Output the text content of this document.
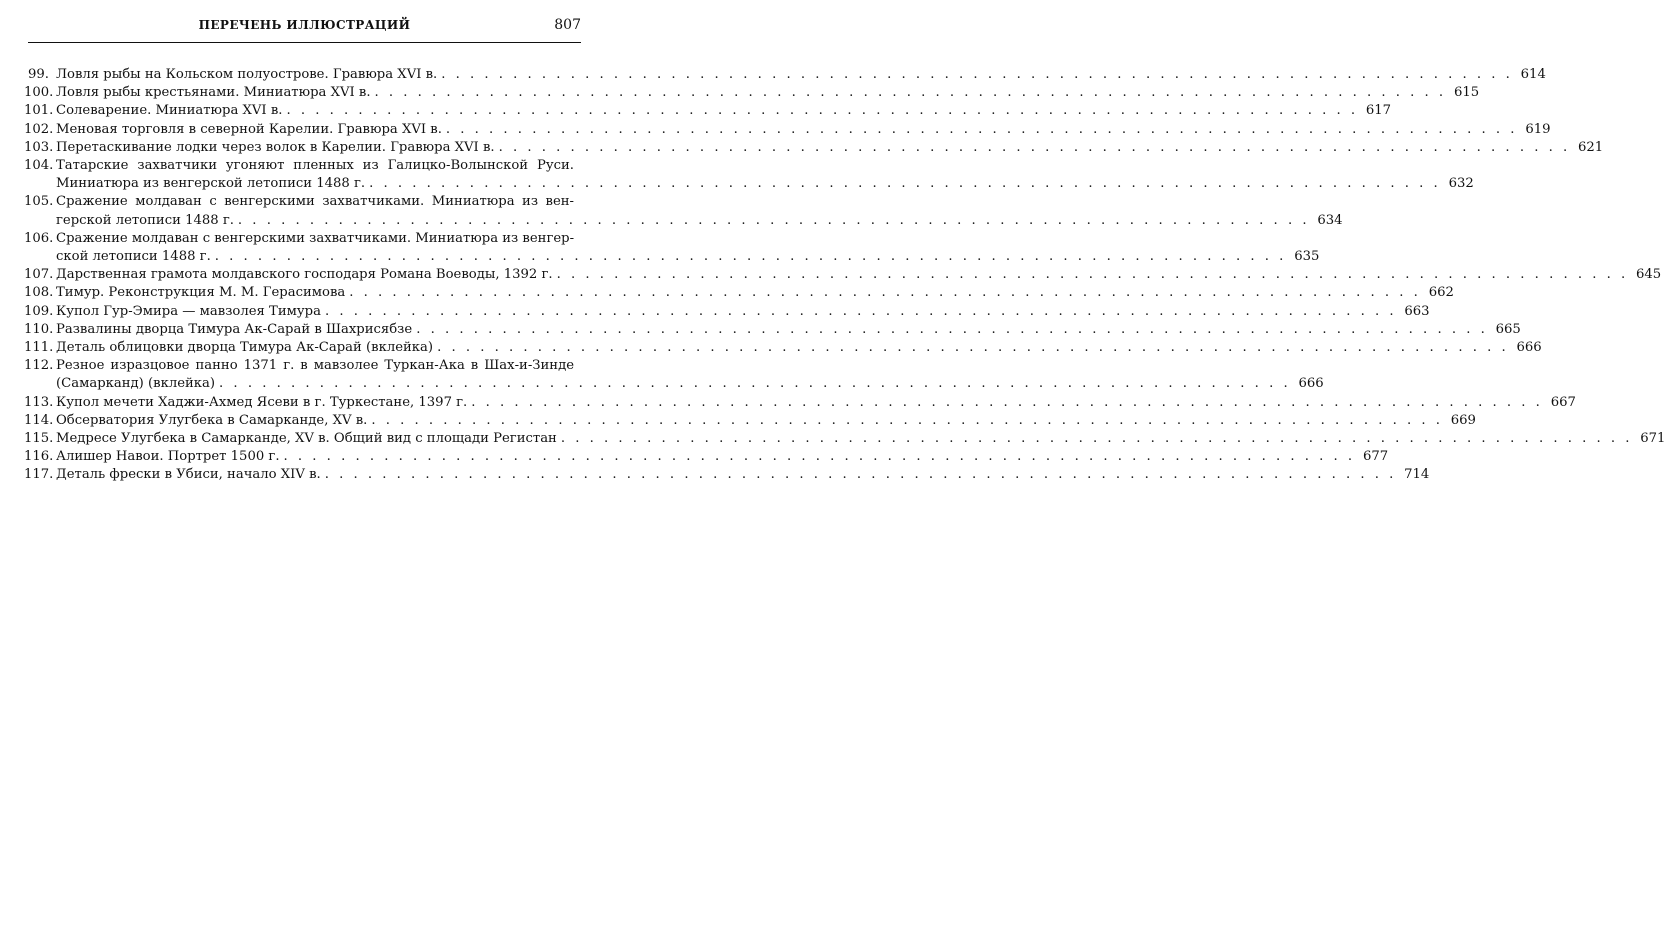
ПЕРЕЧЕНЬ ИЛЛЮСТРАЦИЙ	807
99. Ловля рыбы на Кольском полуострове. Гравюра XVI в. . . .	614
100. Ловля рыбы крестьянами. Миниатюра XVI в. . . .	615
101. Солеварение. Миниатюра XVI в. . . .	617
102. Меновая торговля в северной Карелии. Гравюра XVI в. . . .	619
103. Перетаскивание лодки через волок в Карелии. Гравюра XVI в. . . .	621
104. Татарские захватчики угоняют пленных из Галицко-Волынской Руси.
Миниатюра из венгерской летописи 1488 г. . . .	632
105. Сражение молдаван с венгерскими захватчиками. Миниатюра из вен-
герской летописи 1488 г. . . .	634
106. Сражение молдаван с венгерскими захватчиками. Миниатюра из венгер-
ской летописи 1488 г. . . .	635
107. Дарственная грамота молдавского господаря Романа Воеводы, 1392 г. . . .	645
108. Тимур. Реконструкция М. М. Герасимова . . .	662
109. Купол Гур-Эмира — мавзолея Тимура . . .	663
110. Развалины дворца Тимура Ак-Сарай в Шахрисябзе . . .	665
111. Деталь облицовки дворца Тимура Ак-Сарай (вклейка) . . .	666
112. Резное изразцовое панно 1371 г. в мавзолее Туркан-Ака в Шах-и-Зинде
(Самарканд) (вклейка) . . .	666
113. Купол мечети Хаджи-Ахмед Ясеви в г. Туркестане, 1397 г. . . .	667
114. Обсерватория Улугбека в Самарканде, XV в. . . .	669
115. Медресе Улугбека в Самарканде, XV в. Общий вид с площади Регистан . . .	671
116. Алишер Навои. Портрет 1500 г. . . .	677
117. Деталь фрески в Убиси, начало XIV в. . . .	714
